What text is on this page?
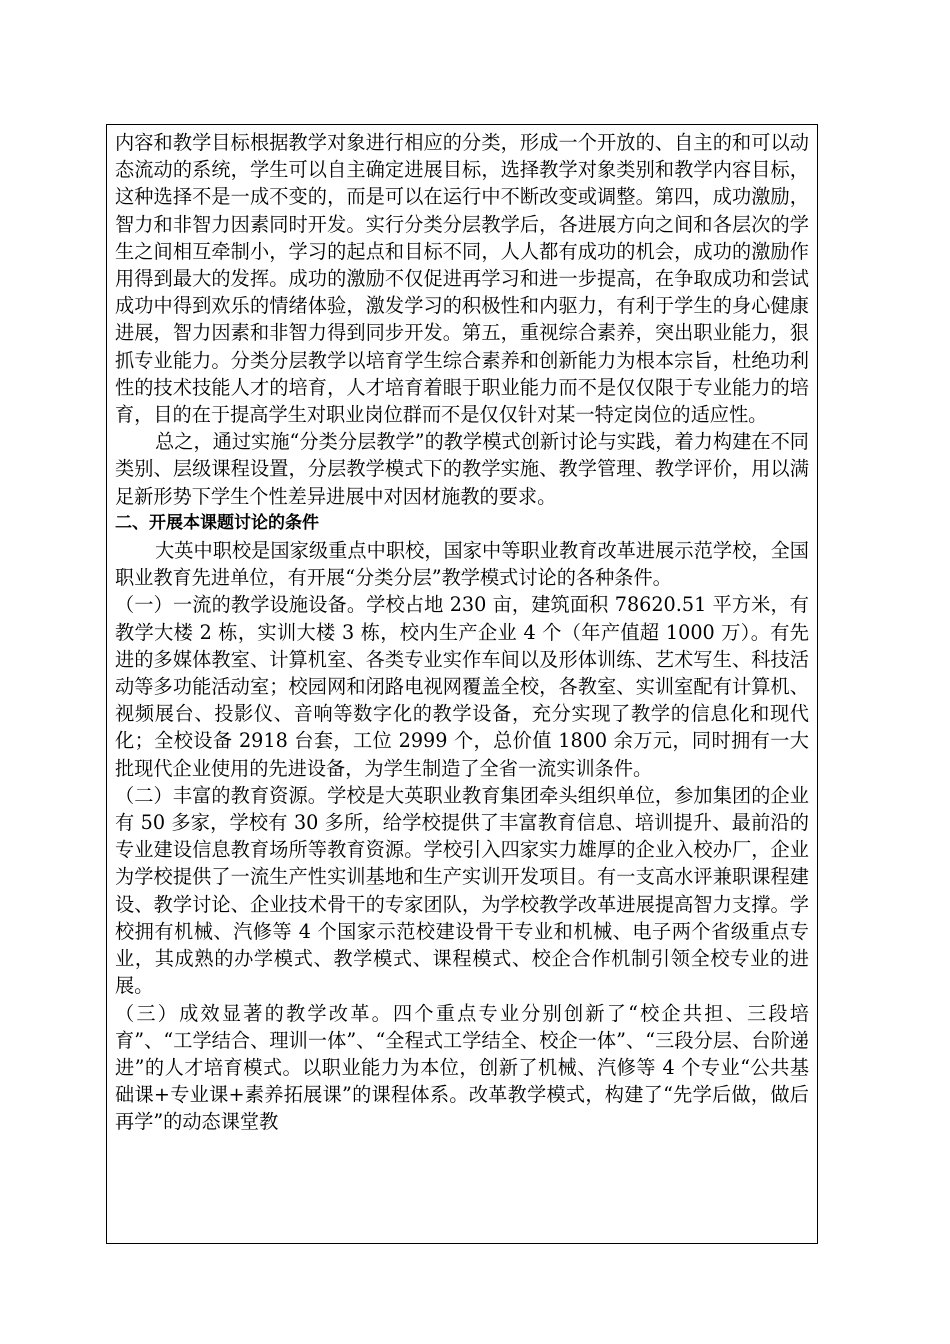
内容和教学目标根据教学对象进行相应的分类，形成一个开放的、自主的和可以动态流动的系统，学生可以自主确定进展目标，选择教学对象类别和教学内容目标，这种选择不是一成不变的，而是可以在运行中不断改变或调整。第四，成功激励，智力和非智力因素同时开发。实行分类分层教学后，各进展方向之间和各层次的学生之间相互牵制小，学习的起点和目标不同，人人都有成功的机会，成功的激励作用得到最大的发挥。成功的激励不仅促进再学习和进一步提高，在争取成功和尝试成功中得到欢乐的情绪体验，激发学习的积极性和内驱力，有利于学生的身心健康进展，智力因素和非智力得到同步开发。第五，重视综合素养，突出职业能力，狠抓专业能力。分类分层教学以培育学生综合素养和创新能力为根本宗旨，杜绝功利性的技术技能人才的培育，人才培育着眼于职业能力而不是仅仅限于专业能力的培育，目的在于提高学生对职业岗位群而不是仅仅针对某一特定岗位的适应性。

总之，通过实施“分类分层教学”的教学模式创新讨论与实践，着力构建在不同类别、层级课程设置，分层教学模式下的教学实施、教学管理、教学评价，用以满足新形势下学生个性差异进展中对因材施教的要求。

二、开展本课题讨论的条件

大英中职校是国家级重点中职校，国家中等职业教育改革进展示范学校，全国职业教育先进单位，有开展“分类分层”教学模式讨论的各种条件。

（一）一流的教学设施设备。学校占地 230 亩，建筑面积 78620.51 平方米，有教学大楼 2 栋，实训大楼 3 栋，校内生产企业 4 个（年产值超 1000 万）。有先进的多媒体教室、计算机室、各类专业实作车间以及形体训练、艺术写生、科技活动等多功能活动室；校园网和闭路电视网覆盖全校，各教室、实训室配有计算机、视频展台、投影仪、音响等数字化的教学设备，充分实现了教学的信息化和现代化；全校设备 2918 台套，工位 2999 个，总价值 1800 余万元，同时拥有一大批现代企业使用的先进设备，为学生制造了全省一流实训条件。

（二）丰富的教育资源。学校是大英职业教育集团牵头组织单位，参加集团的企业有 50 多家，学校有 30 多所，给学校提供了丰富教育信息、培训提升、最前沿的专业建设信息教育场所等教育资源。学校引入四家实力雄厚的企业入校办厂，企业为学校提供了一流生产性实训基地和生产实训开发项目。有一支高水评兼职课程建设、教学讨论、企业技术骨干的专家团队，为学校教学改革进展提高智力支撑。学校拥有机械、汽修等 4 个国家示范校建设骨干专业和机械、电子两个省级重点专业，其成熟的办学模式、教学模式、课程模式、校企合作机制引领全校专业的进展。

（三）成效显著的教学改革。四个重点专业分别创新了“校企共担、三段培育”、“工学结合、理训一体”、“全程式工学结全、校企一体”、“三段分层、台阶递进”的人才培育模式。以职业能力为本位，创新了机械、汽修等 4 个专业“公共基础课+专业课+素养拓展课”的课程体系。改革教学模式，构建了“先学后做，做后再学”的动态课堂教
